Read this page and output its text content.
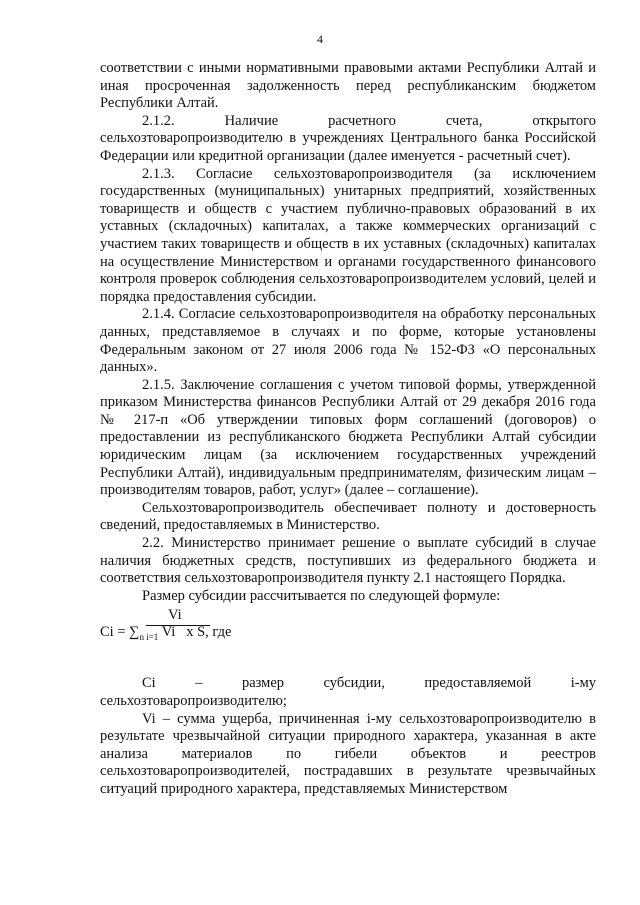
4

соответствии с иными нормативными правовыми актами Республики Алтай и иная просроченная задолженность перед республиканским бюджетом Республики Алтай.

2.1.2. Наличие расчетного счета, открытого сельхозтоваропроизводителю в учреждениях Центрального банка Российской Федерации или кредитной организации (далее именуется - расчетный счет).

2.1.3. Согласие сельхозтоваропроизводителя (за исключением государственных (муниципальных) унитарных предприятий, хозяйственных товариществ и обществ с участием публично-правовых образований в их уставных (складочных) капиталах, а также коммерческих организаций с участием таких товариществ и обществ в их уставных (складочных) капиталах на осуществление Министерством и органами государственного финансового контроля проверок соблюдения сельхозтоваропроизводителем условий, целей и порядка предоставления субсидии.

2.1.4. Согласие сельхозтоваропроизводителя на обработку персональных данных, представляемое в случаях и по форме, которые установлены Федеральным законом от 27 июля 2006 года № 152-ФЗ «О персональных данных».

2.1.5. Заключение соглашения с учетом типовой формы, утвержденной приказом Министерства финансов Республики Алтай от 29 декабря 2016 года № 217-п «Об утверждении типовых форм соглашений (договоров) о предоставлении из республиканского бюджета Республики Алтай субсидии юридическим лицам (за исключением государственных учреждений Республики Алтай), индивидуальным предпринимателям, физическим лицам – производителям товаров, работ, услуг» (далее – соглашение).

Сельхозтоваропроизводитель обеспечивает полноту и достоверность сведений, предоставляемых в Министерство.

2.2. Министерство принимает решение о выплате субсидий в случае наличия бюджетных средств, поступивших из федерального бюджета и соответствия сельхозтоваропроизводителя пункту 2.1 настоящего Порядка.

Размер субсидии рассчитывается по следующей формуле:

Vi
$Ci = \sum_{n i=1}$ Vi x S, где

Ci – размер субсидии, предоставляемой i-му сельхозтоваропроизводителю;

Vi – сумма ущерба, причиненная i-му сельхозтоваропроизводителю в результате чрезвычайной ситуации природного характера, указанная в акте анализа материалов по гибели объектов и реестров сельхозтоваропроизводителей, пострадавших в результате чрезвычайных ситуаций природного характера, представляемых Министерством
